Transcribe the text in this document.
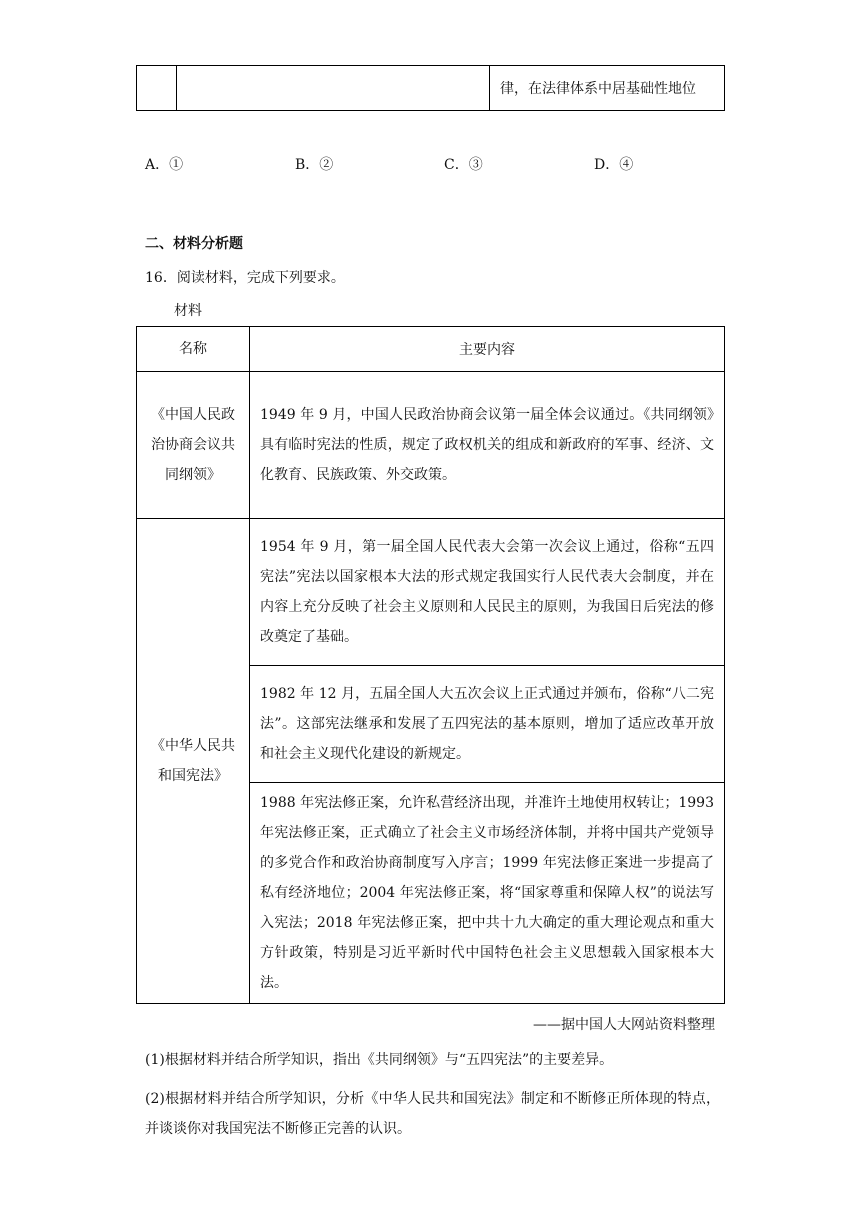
		律，在法律体系中居基础性地位
A．①	B．②	C．③	D．④
二、材料分析题
16．阅读材料，完成下列要求。
材料
名称	主要内容
《中国人民政治协商会议共同纲领》	1949 年 9 月，中国人民政治协商会议第一届全体会议通过。《共同纲领》具有临时宪法的性质，规定了政权机关的组成和新政府的军事、经济、文化教育、民族政策、外交政策。
《中华人民共和国宪法》	1954 年 9 月，第一届全国人民代表大会第一次会议上通过，俗称“五四宪法”宪法以国家根本大法的形式规定我国实行人民代表大会制度，并在内容上充分反映了社会主义原则和人民民主的原则，为我国日后宪法的修改奠定了基础。
	1982 年 12 月，五届全国人大五次会议上正式通过并颁布，俗称“八二宪法”。这部宪法继承和发展了五四宪法的基本原则，增加了适应改革开放和社会主义现代化建设的新规定。
	1988 年宪法修正案，允许私营经济出现，并准许土地使用权转让；1993 年宪法修正案，正式确立了社会主义市场经济体制，并将中国共产党领导的多党合作和政治协商制度写入序言；1999 年宪法修正案进一步提高了私有经济地位；2004 年宪法修正案，将“国家尊重和保障人权”的说法写入宪法；2018 年宪法修正案，把中共十九大确定的重大理论观点和重大方针政策，特别是习近平新时代中国特色社会主义思想载入国家根本大法。
——据中国人大网站资料整理
(1)根据材料并结合所学知识，指出《共同纲领》与“五四宪法”的主要差异。
(2)根据材料并结合所学知识，分析《中华人民共和国宪法》制定和不断修正所体现的特点，并谈谈你对我国宪法不断修正完善的认识。
